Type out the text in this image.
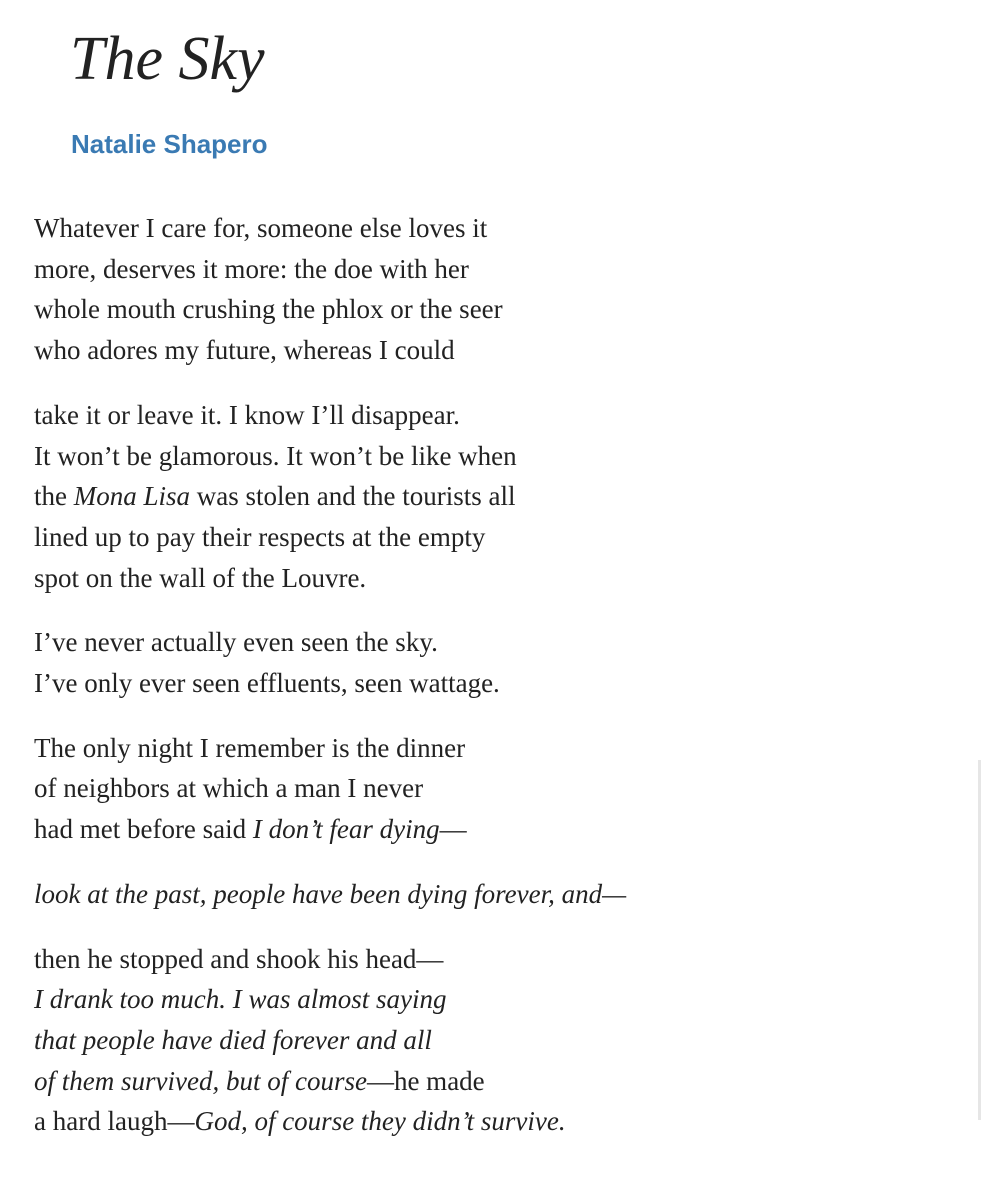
The Sky
Natalie Shapero
Whatever I care for, someone else loves it
more, deserves it more: the doe with her
whole mouth crushing the phlox or the seer
who adores my future, whereas I could
take it or leave it. I know I’ll disappear.
It won’t be glamorous. It won’t be like when
the Mona Lisa was stolen and the tourists all
lined up to pay their respects at the empty
spot on the wall of the Louvre.
I’ve never actually even seen the sky.
I’ve only ever seen effluents, seen wattage.
The only night I remember is the dinner
of neighbors at which a man I never
had met before said I don’t fear dying—
look at the past, people have been dying forever, and—
then he stopped and shook his head—
I drank too much. I was almost saying
that people have died forever and all
of them survived, but of course—he made
a hard laugh—God, of course they didn’t survive.
